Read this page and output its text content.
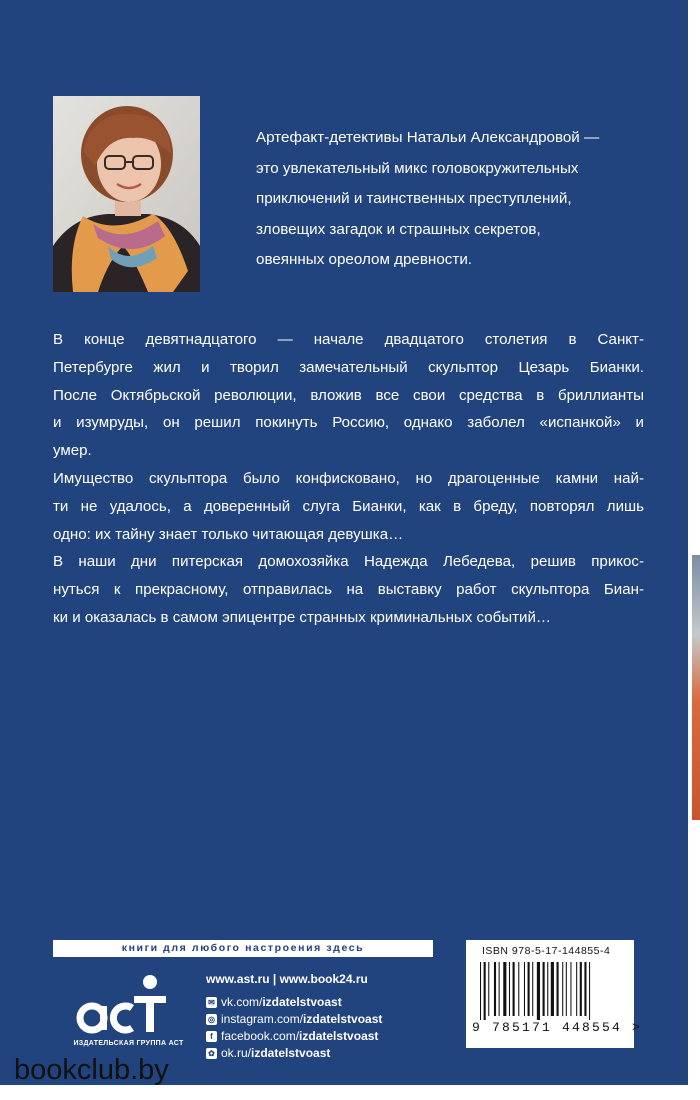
Артефакт-детективы Натальи Александровой —
это увлекательный микс головокружительных
приключений и таинственных преступлений,
зловещих загадок и страшных секретов,
овеянных ореолом древности.

В конце девятнадцатого — начале двадцатого столетия в Санкт-
Петербурге жил и творил замечательный скульптор Цезарь Бианки.
После Октябрьской революции, вложив все свои средства в бриллианты
и изумруды, он решил покинуть Россию, однако заболел «испанкой» и
умер.

Имущество скульптора было конфисковано, но драгоценные камни най-
ти не удалось, а доверенный слуга Бианки, как в бреду, повторял лишь
одно: их тайну знает только читающая девушка…

В наши дни питерская домохозяйка Надежда Лебедева, решив прикос-
нуться к прекрасному, отправилась на выставку работ скульптора Биан-
ки и оказалась в самом эпицентре странных криминальных событий…

книги для любого настроения здесь
ИЗДАТЕЛЬСКАЯ ГРУППА АСТ
www.ast.ru | www.book24.ru
✉ vk.com/ izdatelstvoast
◎ instagram.com/ izdatelstvoast
f facebook.com/ izdatelstvoast
✿ ok.ru/ izdatelstvoast
ISBN 978-5-17-144855-4
9 785171 448554 >
bookclub.by
